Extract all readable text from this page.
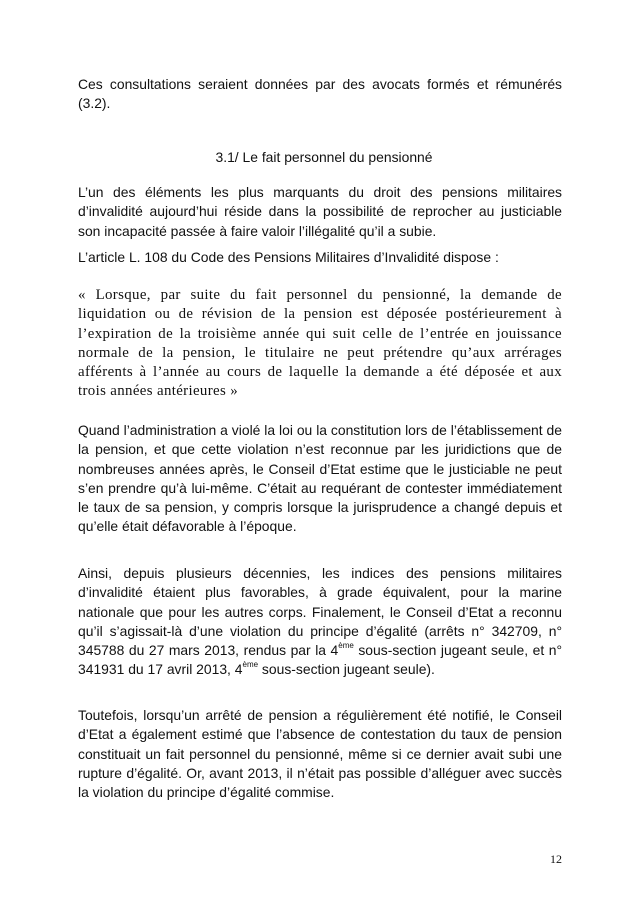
Ces consultations seraient données par des avocats formés et rémunérés (3.2).

3.1/ Le fait personnel du pensionné

L’un des éléments les plus marquants du droit des pensions militaires d’invalidité aujourd’hui réside dans la possibilité de reprocher au justiciable son incapacité passée à faire valoir l’illégalité qu’il a subie.

L’article L. 108 du Code des Pensions Militaires d’Invalidité dispose :

« Lorsque, par suite du fait personnel du pensionné, la demande de liquidation ou de révision de la pension est déposée postérieurement à l’expiration de la troisième année qui suit celle de l’entrée en jouissance normale de la pension, le titulaire ne peut prétendre qu’aux arrérages afférents à l’année au cours de laquelle la demande a été déposée et aux trois années antérieures »

Quand l’administration a violé la loi ou la constitution lors de l’établissement de la pension, et que cette violation n’est reconnue par les juridictions que de nombreuses années après, le Conseil d’Etat estime que le justiciable ne peut s’en prendre qu’à lui-même. C’était au requérant de contester immédiatement le taux de sa pension, y compris lorsque la jurisprudence a changé depuis et qu’elle était défavorable à l’époque.

Ainsi, depuis plusieurs décennies, les indices des pensions militaires d’invalidité étaient plus favorables, à grade équivalent, pour la marine nationale que pour les autres corps. Finalement, le Conseil d’Etat a reconnu qu’il s’agissait-là d’une violation du principe d’égalité (arrêts n° 342709, n° 345788 du 27 mars 2013, rendus par la 4ème sous-section jugeant seule, et n° 341931 du 17 avril 2013, 4ème sous-section jugeant seule).

Toutefois, lorsqu’un arrêté de pension a régulièrement été notifié, le Conseil d’Etat a également estimé que l’absence de contestation du taux de pension constituait un fait personnel du pensionné, même si ce dernier avait subi une rupture d’égalité. Or, avant 2013, il n’était pas possible d’alléguer avec succès la violation du principe d’égalité commise.

12
